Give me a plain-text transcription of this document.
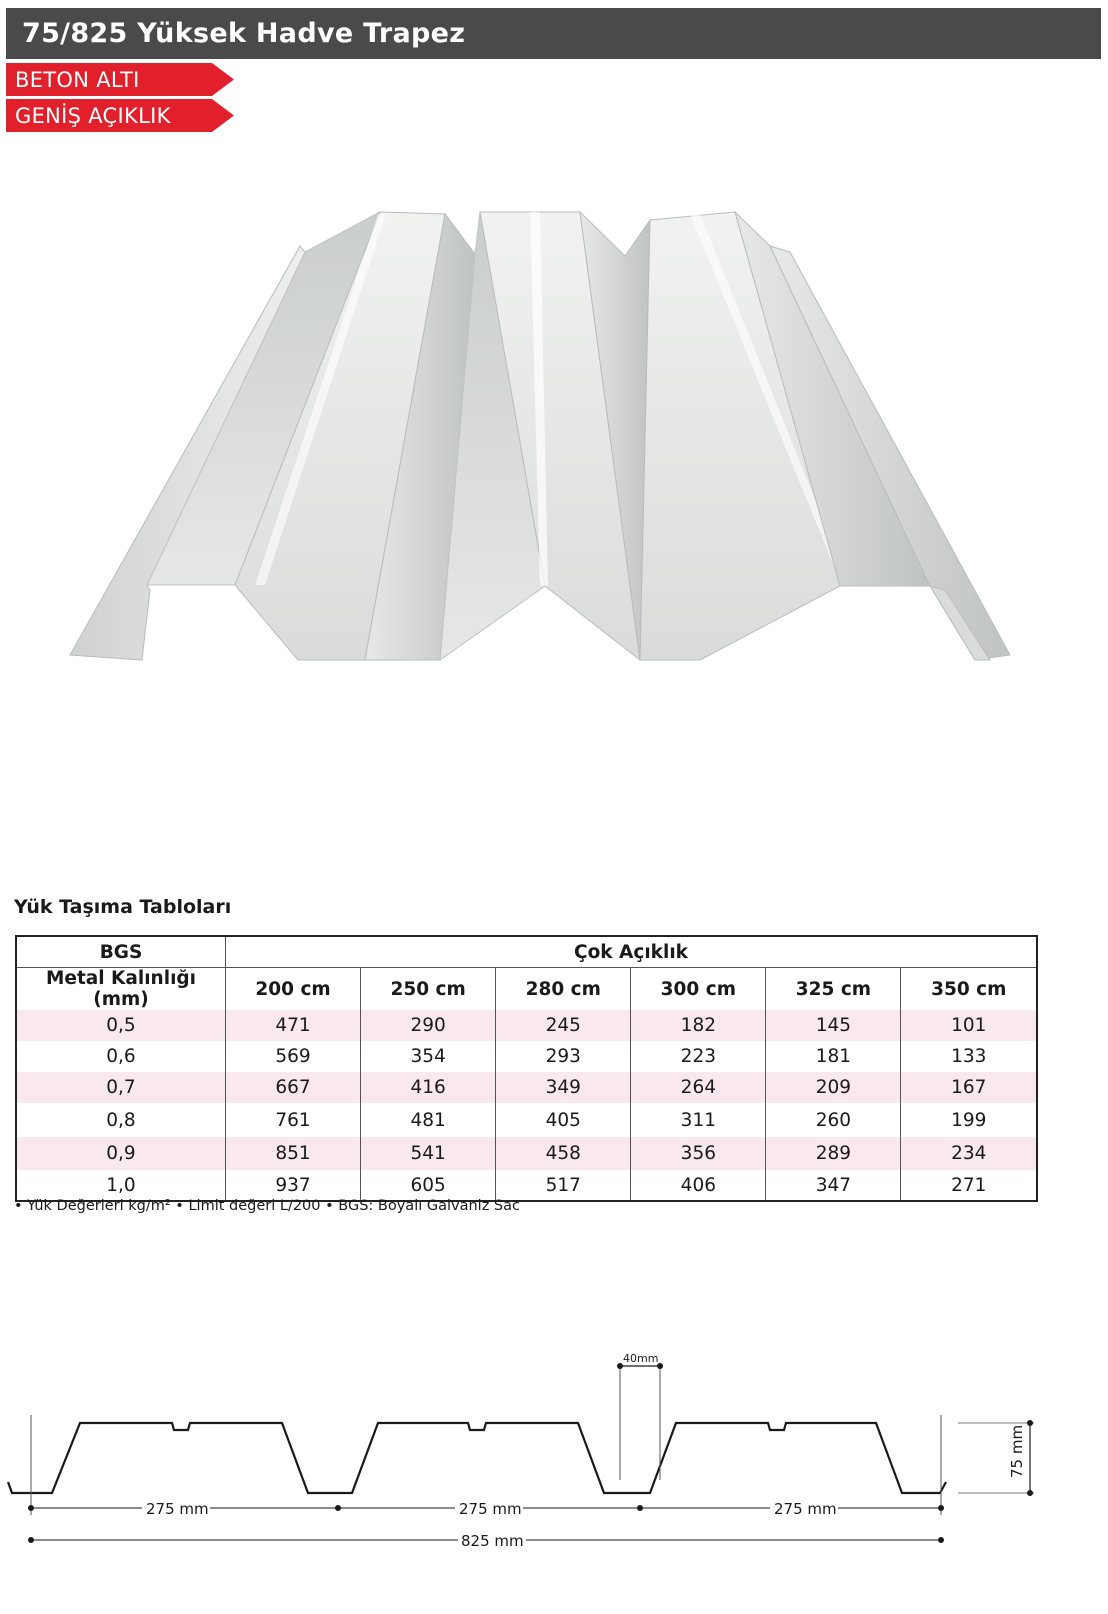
75/825 Yüksek Hadve Trapez
BETON ALTI
GENİŞ AÇIKLIK
Yük Taşıma Tabloları
BGS	Çok Açıklık					
Metal Kalınlığı (mm)	200 cm	250 cm	280 cm	300 cm	325 cm	350 cm
0,5	471	290	245	182	145	101
0,6	569	354	293	223	181	133
0,7	667	416	349	264	209	167
0,8	761	481	405	311	260	199
0,9	851	541	458	356	289	234
1,0	937	605	517	406	347	271
• Yük Değerleri kg/m² • Limit değeri L/200 • BGS: Boyalı Galvaniz Sac
40mm
75 mm
275 mm	275 mm	275 mm
825 mm
